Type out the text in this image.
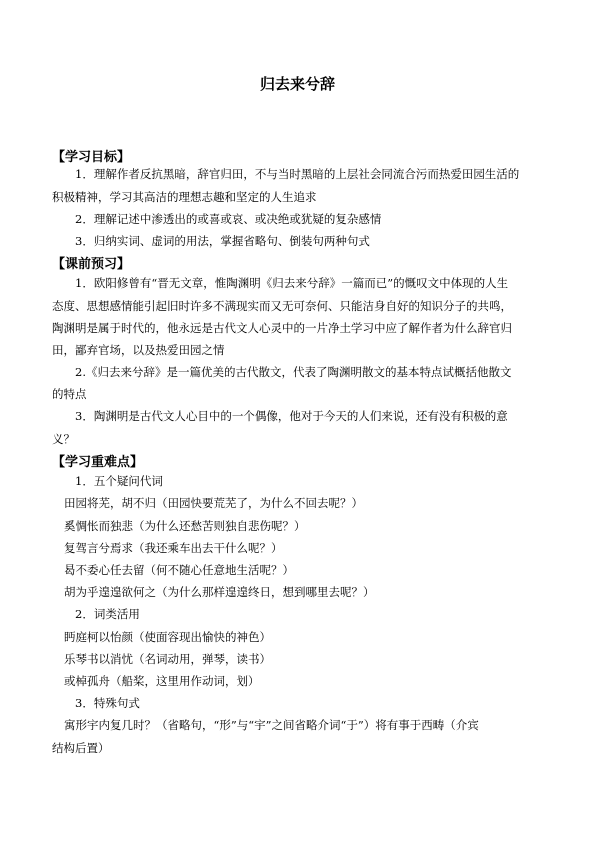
归去来兮辞
【学习目标】
1．理解作者反抗黑暗，辞官归田，不与当时黑暗的上层社会同流合污而热爱田园生活的
积极精神，学习其高洁的理想志趣和坚定的人生追求
2．理解记述中渗透出的或喜或哀、或决绝或犹疑的复杂感情
3．归纳实词、虚词的用法，掌握省略句、倒装句两种句式
【课前预习】
1．欧阳修曾有“晋无文章，惟陶渊明《归去来兮辞》一篇而已”的慨叹文中体现的人生
态度、思想感情能引起旧时许多不满现实而又无可奈何、只能洁身自好的知识分子的共鸣，
陶渊明是属于时代的，他永远是古代文人心灵中的一片净土学习中应了解作者为什么辞官归
田，鄙弃官场，以及热爱田园之情
2.《归去来兮辞》是一篇优美的古代散文，代表了陶渊明散文的基本特点试概括他散文
的特点
3．陶渊明是古代文人心目中的一个偶像，他对于今天的人们来说，还有没有积极的意
义？
【学习重难点】
1．五个疑问代词
田园将芜，胡不归（田园快要荒芜了，为什么不回去呢？）
奚惆怅而独悲（为什么还愁苦则独自悲伤呢？）
复驾言兮焉求（我还乘车出去干什么呢？）
曷不委心任去留（何不随心任意地生活呢？）
胡为乎遑遑欲何之（为什么那样遑遑终日，想到哪里去呢？）
2．词类活用
眄庭柯以怡颜（使面容现出愉快的神色）
乐琴书以消忧（名词动用，弹琴，读书）
或棹孤舟（船桨，这里用作动词，划）
3．特殊句式
寓形宇内复几时？（省略句，“形”与“宇”之间省略介词“于”）将有事于西畴（介宾
结构后置）
